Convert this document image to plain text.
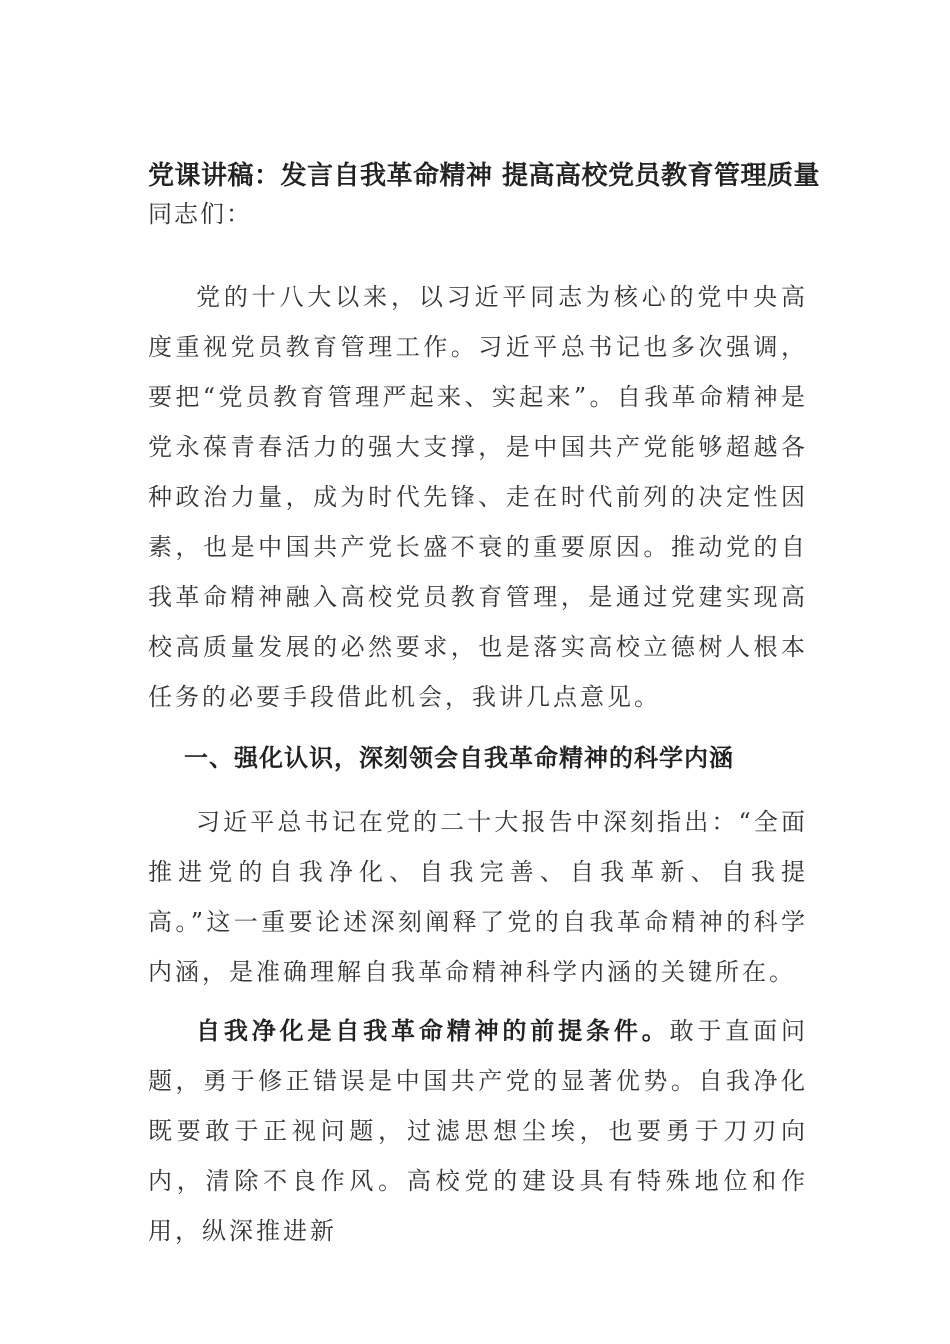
党课讲稿：发言自我革命精神 提高高校党员教育管理质量
同志们：

党的十八大以来，以习近平同志为核心的党中央高度重视党员教育管理工作。习近平总书记也多次强调，要把“党员教育管理严起来、实起来”。自我革命精神是党永葆青春活力的强大支撑，是中国共产党能够超越各种政治力量，成为时代先锋、走在时代前列的决定性因素，也是中国共产党长盛不衰的重要原因。推动党的自我革命精神融入高校党员教育管理，是通过党建实现高校高质量发展的必然要求，也是落实高校立德树人根本任务的必要手段借此机会，我讲几点意见。

一、强化认识，深刻领会自我革命精神的科学内涵

习近平总书记在党的二十大报告中深刻指出：“全面推进党的自我净化、自我完善、自我革新、自我提高。”这一重要论述深刻阐释了党的自我革命精神的科学内涵，是准确理解自我革命精神科学内涵的关键所在。

自我净化是自我革命精神的前提条件。敢于直面问题，勇于修正错误是中国共产党的显著优势。自我净化既要敢于正视问题，过滤思想尘埃，也要勇于刀刃向内，清除不良作风。高校党的建设具有特殊地位和作用，纵深推进新
